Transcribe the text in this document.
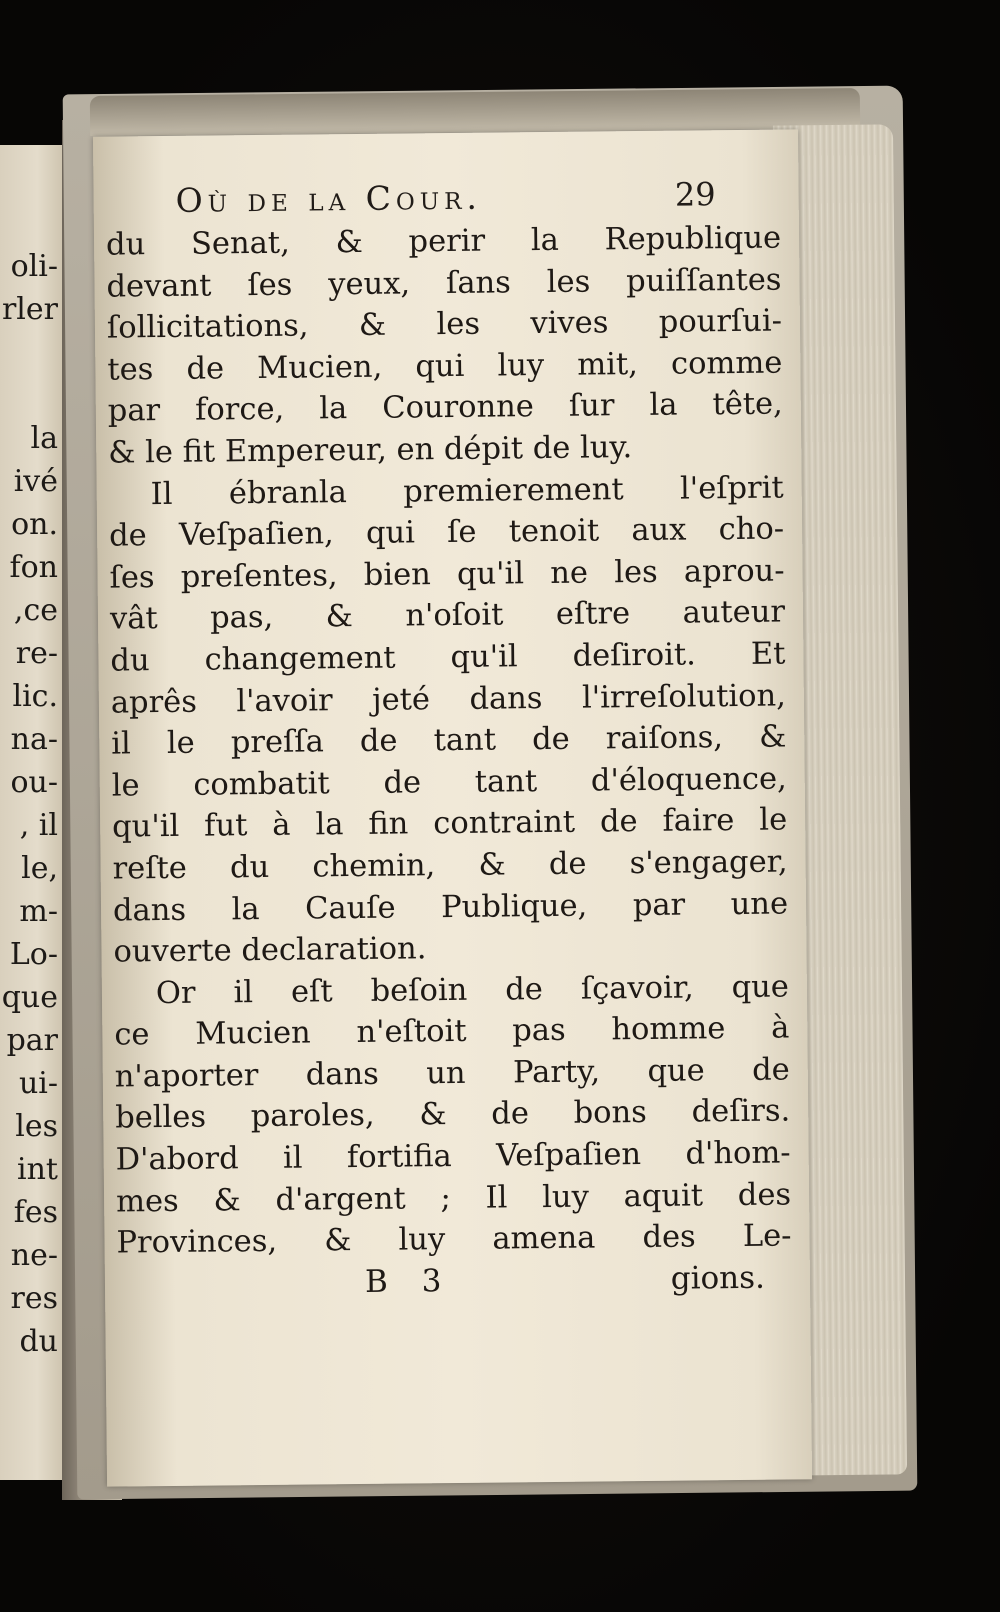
oli-
rler
la
ivé
on.
fon
,ce
re-
lic.
na-
ou-
, il
le,
m-
Lo-
que
par
ui-
les
int
fes
ne-
res
du
Où de la Cour.	29
du Senat, & perir la Republique
devant ſes yeux, ſans les puiſſantes
ſollicitations, & les vives pourſui-
tes de Mucien, qui luy mit, comme
par force, la Couronne ſur la tête,
& le fit Empereur, en dépit de luy.
Il ébranla premierement l'eſprit
de Veſpaſien, qui ſe tenoit aux cho-
ſes preſentes, bien qu'il ne les aprou-
vât pas, & n'oſoit eſtre auteur
du changement qu'il deſiroit. Et
aprês l'avoir jeté dans l'irreſolution,
il le preſſa de tant de raiſons, &
le combatit de tant d'éloquence,
qu'il fut à la fin contraint de faire le
reſte du chemin, & de s'engager,
dans la Cauſe Publique, par une
ouverte declaration.
Or il eſt beſoin de ſçavoir, que
ce Mucien n'eſtoit pas homme à
n'aporter dans un Party, que de
belles paroles, & de bons deſirs.
D'abord il fortifia Veſpaſien d'hom-
mes & d'argent ; Il luy aquit des
Provinces, & luy amena des Le-
B 3	gions.
